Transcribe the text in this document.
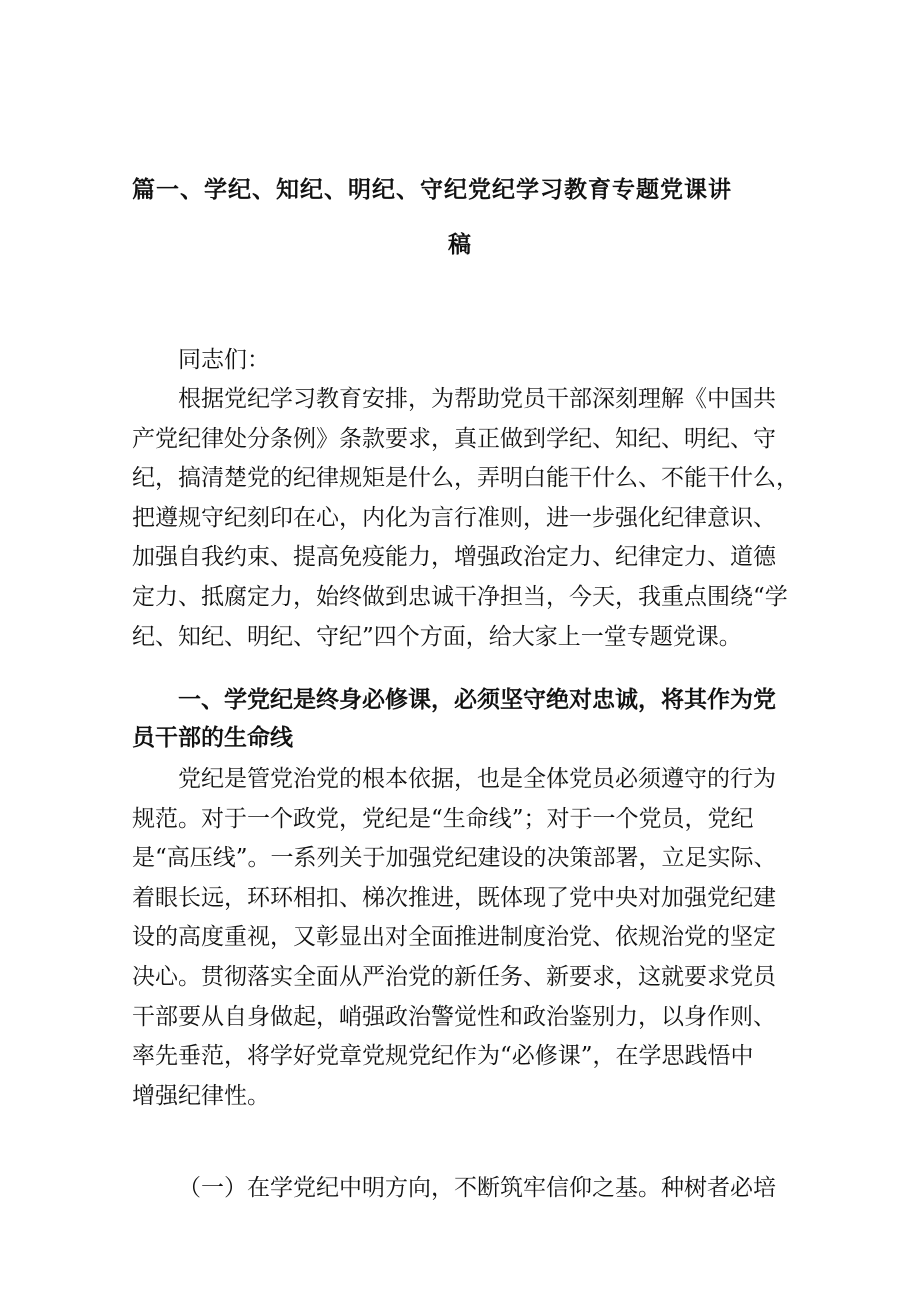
篇一、学纪、知纪、明纪、守纪党纪学习教育专题党课讲
稿
同志们：
根据党纪学习教育安排，为帮助党员干部深刻理解《中国共
产党纪律处分条例》条款要求，真正做到学纪、知纪、明纪、守
纪，搞清楚党的纪律规矩是什么，弄明白能干什么、不能干什么，
把遵规守纪刻印在心，内化为言行准则，进一步强化纪律意识、
加强自我约束、提高免疫能力，增强政治定力、纪律定力、道德
定力、抵腐定力，始终做到忠诚干净担当，今天，我重点围绕“学
纪、知纪、明纪、守纪”四个方面，给大家上一堂专题党课。
一、学党纪是终身必修课，必须坚守绝对忠诚，将其作为党
员干部的生命线
党纪是管党治党的根本依据，也是全体党员必须遵守的行为
规范。对于一个政党，党纪是“生命线”；对于一个党员，党纪
是“高压线”。一系列关于加强党纪建设的决策部署，立足实际、
着眼长远，环环相扣、梯次推进，既体现了党中央对加强党纪建
设的高度重视，又彰显出对全面推进制度治党、依规治党的坚定
决心。贯彻落实全面从严治党的新任务、新要求，这就要求党员
干部要从自身做起，峭强政治警觉性和政治鉴别力，以身作则、
率先垂范，将学好党章党规党纪作为“必修课”，在学思践悟中
增强纪律性。
（一）在学党纪中明方向，不断筑牢信仰之基。种树者必培
